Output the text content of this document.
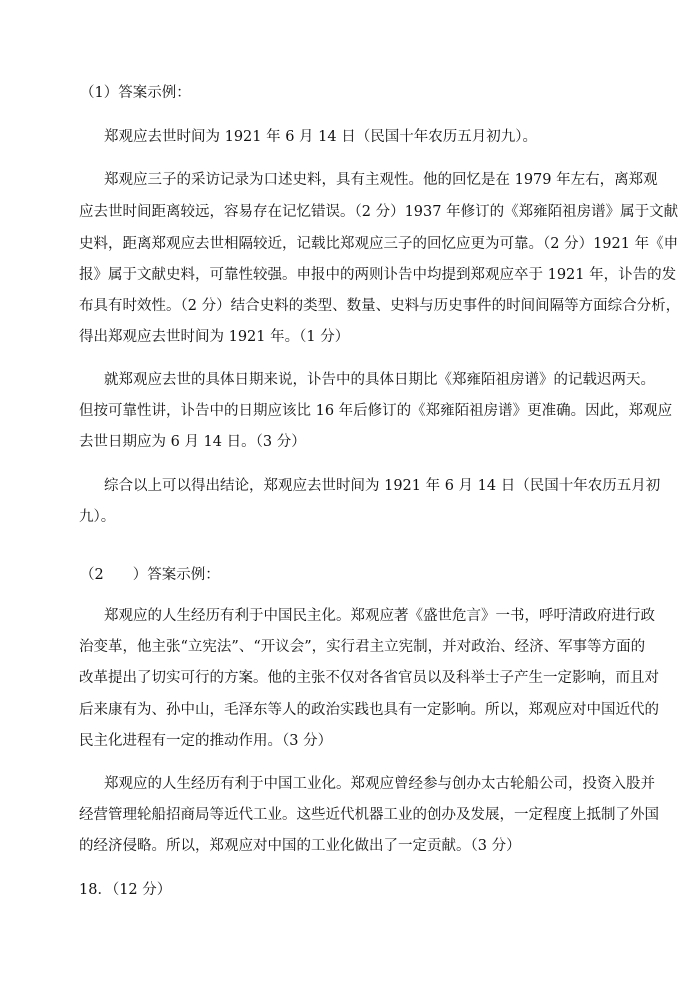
（1）答案示例：
郑观应去世时间为 1921 年 6 月 14 日（民国十年农历五月初九）。
郑观应三子的采访记录为口述史料，具有主观性。他的回忆是在 1979 年左右，离郑观
应去世时间距离较远，容易存在记忆错误。（2 分）1937 年修订的《郑雍陌祖房谱》属于文献
史料，距离郑观应去世相隔较近，记载比郑观应三子的回忆应更为可靠。（2 分）1921 年《申
报》属于文献史料，可靠性较强。申报中的两则讣告中均提到郑观应卒于 1921 年，讣告的发
布具有时效性。（2 分）结合史料的类型、数量、史料与历史事件的时间间隔等方面综合分析，
得出郑观应去世时间为 1921 年。（1 分）
就郑观应去世的具体日期来说，讣告中的具体日期比《郑雍陌祖房谱》的记载迟两天。
但按可靠性讲，讣告中的日期应该比 16 年后修订的《郑雍陌祖房谱》更准确。因此，郑观应
去世日期应为 6 月 14 日。（3 分）
综合以上可以得出结论，郑观应去世时间为 1921 年 6 月 14 日（民国十年农历五月初
九）。
（2　　）答案示例：
郑观应的人生经历有利于中国民主化。郑观应著《盛世危言》一书，呼吁清政府进行政
治变革，他主张“立宪法”、“开议会”，实行君主立宪制，并对政治、经济、军事等方面的
改革提出了切实可行的方案。他的主张不仅对各省官员以及科举士子产生一定影响，而且对
后来康有为、孙中山，毛泽东等人的政治实践也具有一定影响。所以，郑观应对中国近代的
民主化进程有一定的推动作用。（3 分）
郑观应的人生经历有利于中国工业化。郑观应曾经参与创办太古轮船公司，投资入股并
经营管理轮船招商局等近代工业。这些近代机器工业的创办及发展，一定程度上抵制了外国
的经济侵略。所以，郑观应对中国的工业化做出了一定贡献。（3 分）
18．（12 分）
